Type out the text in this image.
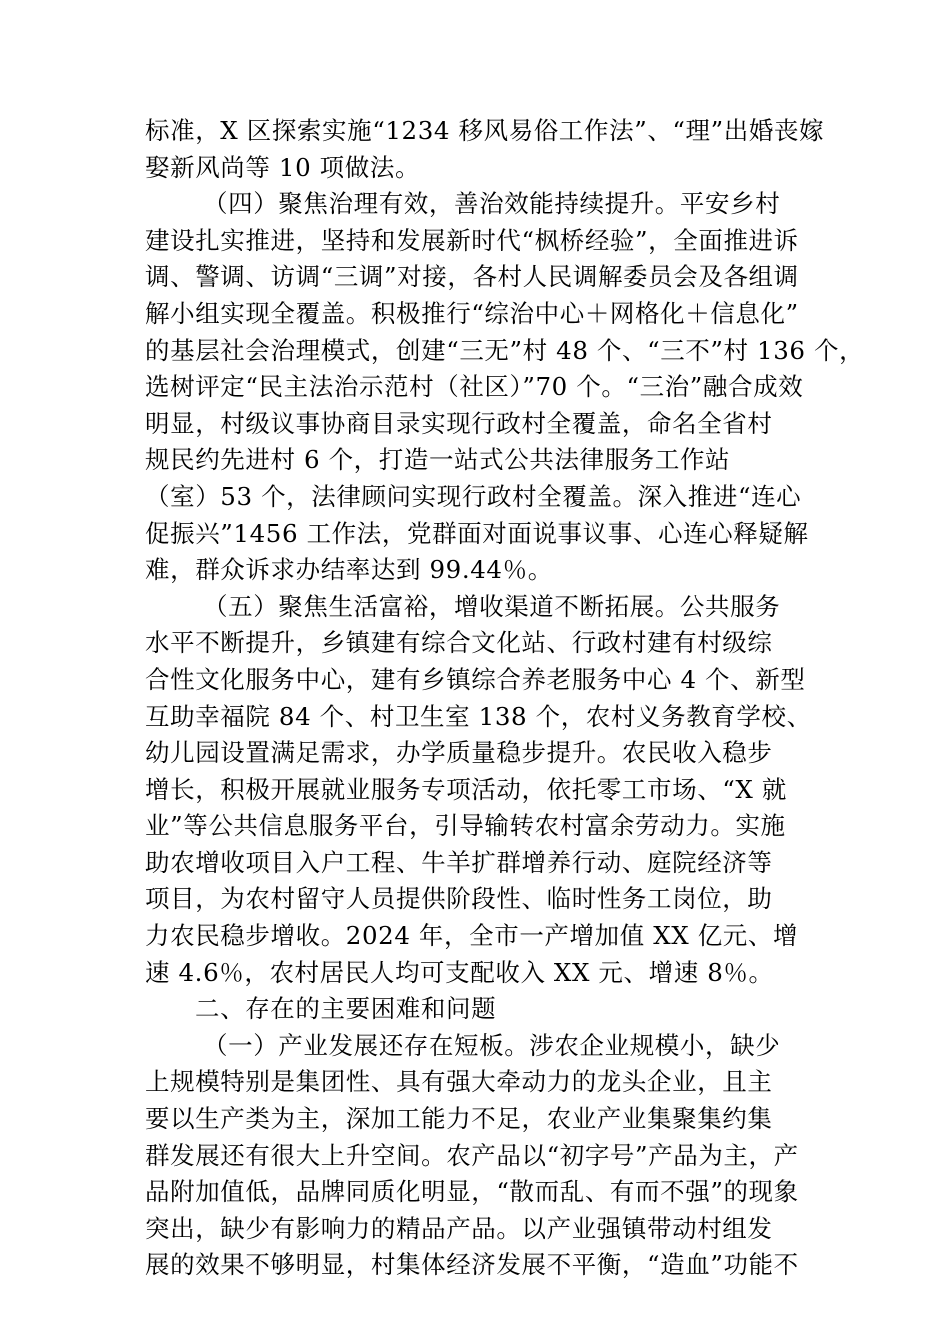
标准，X 区探索实施“1234 移风易俗工作法”、“理”出婚丧嫁
娶新风尚等 10 项做法。
（四）聚焦治理有效，善治效能持续提升。平安乡村
建设扎实推进，坚持和发展新时代“枫桥经验”，全面推进诉
调、警调、访调“三调”对接，各村人民调解委员会及各组调
解小组实现全覆盖。积极推行“综治中心＋网格化＋信息化”
的基层社会治理模式，创建“三无”村 48 个、“三不”村 136 个，
选树评定“民主法治示范村（社区）”70 个。“三治”融合成效
明显，村级议事协商目录实现行政村全覆盖，命名全省村
规民约先进村 6 个，打造一站式公共法律服务工作站
（室）53 个，法律顾问实现行政村全覆盖。深入推进“连心
促振兴”1456 工作法，党群面对面说事议事、心连心释疑解
难，群众诉求办结率达到 99.44％。
（五）聚焦生活富裕，增收渠道不断拓展。公共服务
水平不断提升，乡镇建有综合文化站、行政村建有村级综
合性文化服务中心，建有乡镇综合养老服务中心 4 个、新型
互助幸福院 84 个、村卫生室 138 个，农村义务教育学校、
幼儿园设置满足需求，办学质量稳步提升。农民收入稳步
增长，积极开展就业服务专项活动，依托零工市场、“X 就
业”等公共信息服务平台，引导输转农村富余劳动力。实施
助农增收项目入户工程、牛羊扩群增养行动、庭院经济等
项目，为农村留守人员提供阶段性、临时性务工岗位，助
力农民稳步增收。2024 年，全市一产增加值 XX 亿元、增
速 4.6％，农村居民人均可支配收入 XX 元、增速 8％。
二、存在的主要困难和问题
（一）产业发展还存在短板。涉农企业规模小，缺少
上规模特别是集团性、具有强大牵动力的龙头企业，且主
要以生产类为主，深加工能力不足，农业产业集聚集约集
群发展还有很大上升空间。农产品以“初字号”产品为主，产
品附加值低，品牌同质化明显，“散而乱、有而不强”的现象
突出，缺少有影响力的精品产品。以产业强镇带动村组发
展的效果不够明显，村集体经济发展不平衡，“造血”功能不
